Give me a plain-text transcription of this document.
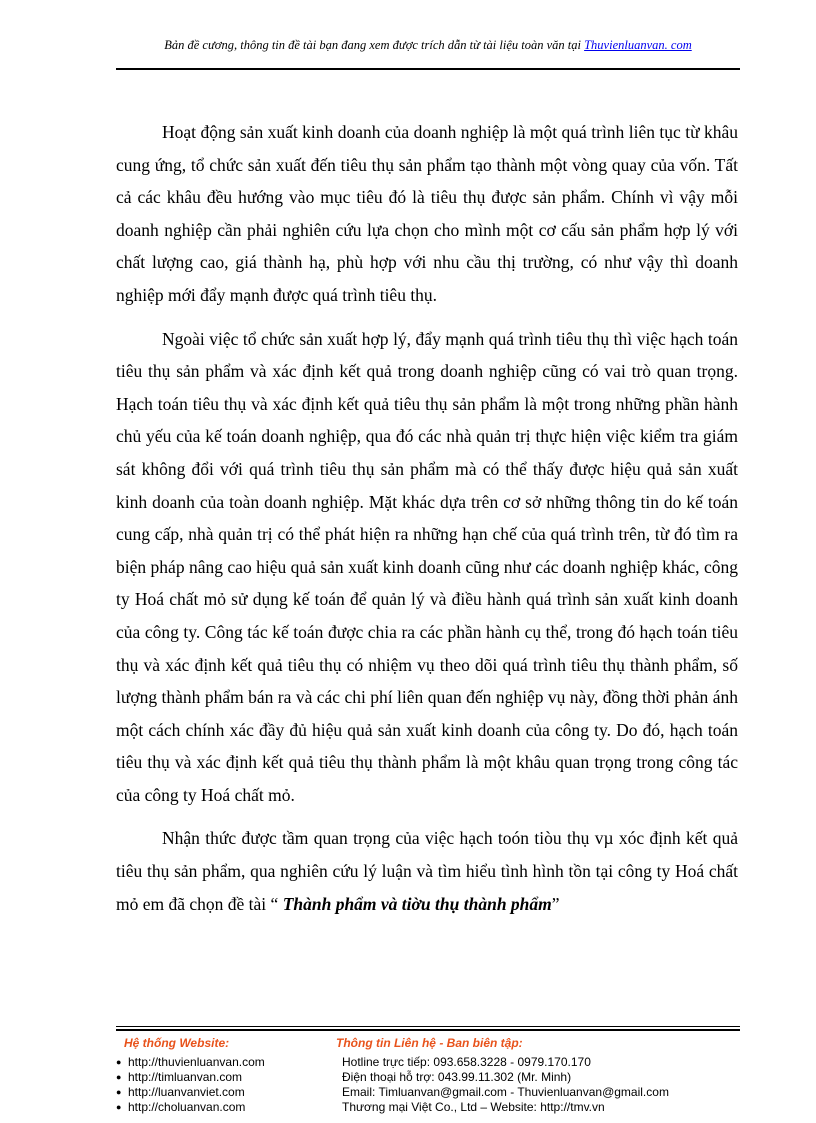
Bản đề cương, thông tin đề tài bạn đang xem được trích dẫn từ tài liệu toàn văn tại Thuvienluanvan. com

Hoạt động sản xuất kinh doanh của doanh nghiệp là một quá trình liên tục từ khâu cung ứng, tổ chức sản xuất đến tiêu thụ sản phẩm tạo thành một vòng quay của vốn. Tất cả các khâu đều hướng vào mục tiêu đó là tiêu thụ được sản phẩm. Chính vì vậy mỗi doanh nghiệp cần phải nghiên cứu lựa chọn cho mình một cơ cấu sản phẩm hợp lý với chất lượng cao, giá thành hạ, phù hợp với nhu cầu thị trường, có như vậy thì doanh nghiệp mới đẩy mạnh được quá trình tiêu thụ.

Ngoài việc tổ chức sản xuất hợp lý, đẩy mạnh quá trình tiêu thụ thì việc hạch toán tiêu thụ sản phẩm và xác định kết quả trong doanh nghiệp cũng có vai trò quan trọng. Hạch toán tiêu thụ và xác định kết quả tiêu thụ sản phẩm là một trong những phần hành chủ yếu của kế toán doanh nghiệp, qua đó các nhà quản trị thực hiện việc kiểm tra giám sát không đổi với quá trình tiêu thụ sản phẩm mà có thể thấy được hiệu quả sản xuất kinh doanh của toàn doanh nghiệp. Mặt khác dựa trên cơ sở những thông tin do kế toán cung cấp, nhà quản trị có thể phát hiện ra những hạn chế của quá trình trên, từ đó tìm ra biện pháp nâng cao hiệu quả sản xuất kinh doanh cũng như các doanh nghiệp khác, công ty Hoá chất mỏ sử dụng kế toán để quản lý và điều hành quá trình sản xuất kinh doanh của công ty. Công tác kế toán được chia ra các phần hành cụ thể, trong đó hạch toán tiêu thụ và xác định kết quả tiêu thụ có nhiệm vụ theo dõi quá trình tiêu thụ thành phẩm, số lượng thành phẩm bán ra và các chi phí liên quan đến nghiệp vụ này, đồng thời phản ánh một cách chính xác đầy đủ hiệu quả sản xuất kinh doanh của công ty. Do đó, hạch toán tiêu thụ và xác định kết quả tiêu thụ thành phẩm là một khâu quan trọng trong công tác của công ty Hoá chất mỏ.

Nhận thức được tầm quan trọng của việc hạch toón tiòu thụ vµ xóc định kết quả tiêu thụ sản phẩm, qua nghiên cứu lý luận và tìm hiểu tình hình tồn tại công ty Hoá chất mỏ em đã chọn đề tài “ Thành phẩm và tiờu thụ thành phẩm”

Hệ thống Website:
● http://thuvienluanvan.com
● http://timluanvan.com
● http://luanvanviet.com
● http://choluanvan.com
Thông tin Liên hệ - Ban biên tập:
Hotline trực tiếp: 093.658.3228 - 0979.170.170
Điện thoại hỗ trợ: 043.99.11.302 (Mr. Minh)
Email: Timluanvan@gmail.com - Thuvienluanvan@gmail.com
Thương mại Việt Co., Ltd – Website: http://tmv.vn
